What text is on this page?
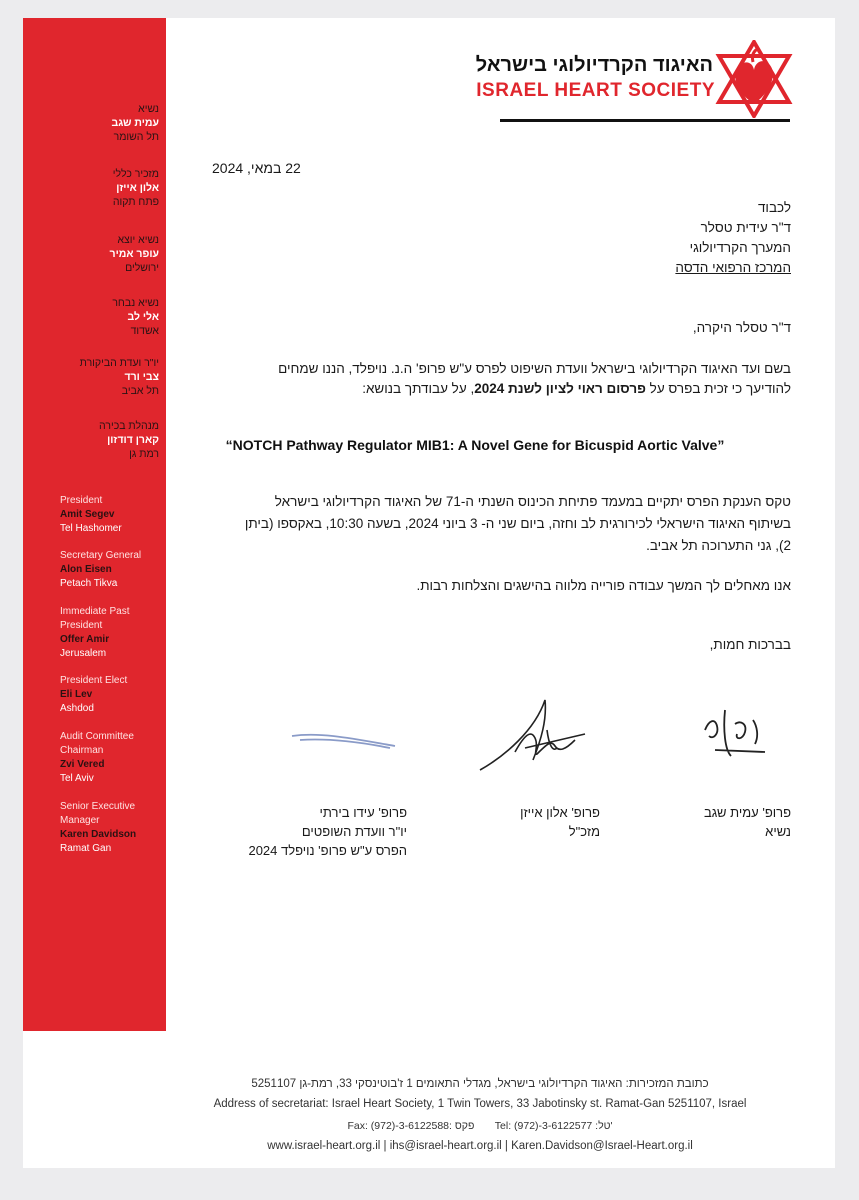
נשיא
עמית שגב
תל השומר
מזכיר כללי
אלון אייזן
פתח תקוה
נשיא יוצא
עופר אמיר
ירושלים
נשיא נבחר
אלי לב
אשדוד
יו"ר ועדת הביקורת
צבי ורד
תל אביב
מנהלת בכירה
קארן דודזון
רמת גן
President
Amit Segev
Tel Hashomer
Secretary General
Alon Eisen
Petach Tikva
Immediate Past President
Offer Amir
Jerusalem
President Elect
Eli Lev
Ashdod
Audit Committee Chairman
Zvi Vered
Tel Aviv
Senior Executive Manager
Karen Davidson
Ramat Gan
האיגוד הקרדיולוגי בישראל
ISRAEL HEART SOCIETY
22 במאי, 2024
לכבוד
ד"ר עידית טסלר
המערך הקרדיולוגי
המרכז הרפואי הדסה
ד"ר טסלר היקרה,
בשם ועד האיגוד הקרדיולוגי בישראל וועדת השיפוט לפרס ע"ש פרופ' ה.נ. נויפלד, הננו שמחים
להודיעך כי זכית בפרס על פרסום ראוי לציון לשנת 2024, על עבודתך בנושא:
“NOTCH Pathway Regulator MIB1: A Novel Gene for Bicuspid Aortic Valve”
טקס הענקת הפרס יתקיים במעמד פתיחת הכינוס השנתי ה-71 של האיגוד הקרדיולוגי בישראל
בשיתוף האיגוד הישראלי לכירורגית לב וחזה, ביום שני ה- 3 ביוני 2024, בשעה 10:30, באקספו (ביתן
2), גני התערוכה תל אביב.
אנו מאחלים לך המשך עבודה פורייה מלווה בהישגים והצלחות רבות.
בברכות חמות,
פרופ' עמית שגב
נשיא
פרופ' אלון אייזן
מזכ"ל
פרופ' עידו בירתי
יו"ר וועדת השופטים
הפרס ע"ש פרופ' נויפלד 2024
כתובת המזכירות: האיגוד הקרדיולוגי בישראל, מגדלי התאומים 1 ז'בוטינסקי 33, רמת-גן 5251107
Address of secretariat: Israel Heart Society, 1 Twin Towers, 33 Jabotinsky st. Ramat-Gan 5251107, Israel
Fax: (972)-3-6122588: פקס Tel: (972)-3-6122577 :טל'
www.israel-heart.org.il | ihs@israel-heart.org.il | Karen.Davidson@Israel-Heart.org.il
